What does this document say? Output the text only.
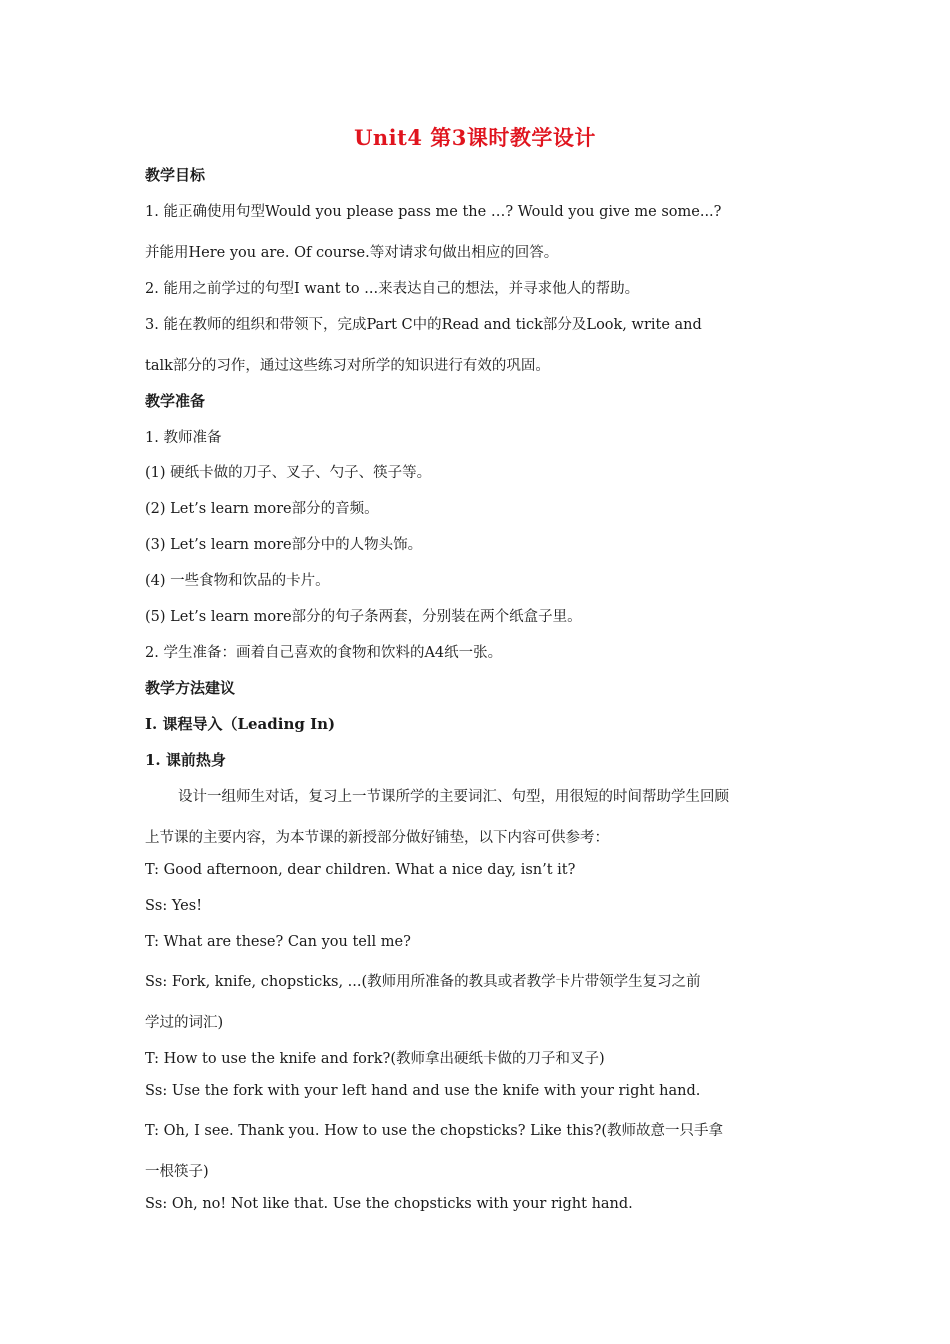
Unit4 第3课时教学设计
教学目标
1. 能正确使用句型Would you please pass me the …? Would you give me some...?
并能用Here you are. Of course.等对请求句做出相应的回答。
2. 能用之前学过的句型I want to ...来表达自己的想法，并寻求他人的帮助。
3. 能在教师的组织和带领下，完成Part C中的Read and tick部分及Look, write and
talk部分的习作，通过这些练习对所学的知识进行有效的巩固。
教学准备
1. 教师准备
(1) 硬纸卡做的刀子、叉子、勺子、筷子等。
(2) Let’s learn more部分的音频。
(3) Let’s learn more部分中的人物头饰。
(4) 一些食物和饮品的卡片。
(5) Let’s learn more部分的句子条两套，分别装在两个纸盒子里。
2. 学生准备：画着自己喜欢的食物和饮料的A4纸一张。
教学方法建议
I. 课程导入（Leading In)
1. 课前热身
设计一组师生对话，复习上一节课所学的主要词汇、句型，用很短的时间帮助学生回顾
上节课的主要内容，为本节课的新授部分做好铺垫，以下内容可供参考：
T: Good afternoon, dear children. What a nice day, isn’t it?
Ss: Yes!
T: What are these? Can you tell me?
Ss: Fork, knife, chopsticks, ...(教师用所准备的教具或者教学卡片带领学生复习之前
学过的词汇)
T: How to use the knife and fork?(教师拿出硬纸卡做的刀子和叉子)
Ss: Use the fork with your left hand and use the knife with your right hand.
T: Oh, I see. Thank you. How to use the chopsticks? Like this?(教师故意一只手拿
一根筷子)
Ss: Oh, no! Not like that. Use the chopsticks with your right hand.
